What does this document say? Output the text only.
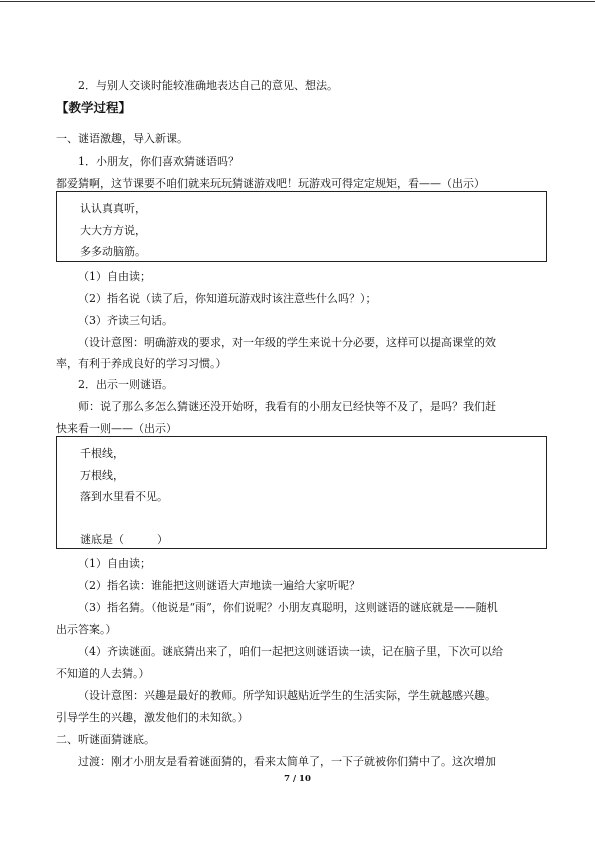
2．与别人交谈时能较准确地表达自己的意见、想法。
【教学过程】
一、谜语激趣，导入新课。
1．小朋友，你们喜欢猜谜语吗？
都爱猜啊，这节课要不咱们就来玩玩猜谜游戏吧！玩游戏可得定定规矩，看——（出示）
认认真真听，
大大方方说，
多多动脑筋。
（1）自由读；
（2）指名说（读了后，你知道玩游戏时该注意些什么吗？）；
（3）齐读三句话。
（设计意图：明确游戏的要求，对一年级的学生来说十分必要，这样可以提高课堂的效
率，有利于养成良好的学习习惯。）
2．出示一则谜语。
师：说了那么多怎么猜谜还没开始呀，我看有的小朋友已经快等不及了，是吗？我们赶
快来看一则——（出示）
千根线，
万根线，
落到水里看不见。
谜底是（　　　）
（1）自由读；
（2）指名读：谁能把这则谜语大声地读一遍给大家听呢？
（3）指名猜。（他说是“雨”，你们说呢？小朋友真聪明，这则谜语的谜底就是——随机
出示答案。）
（4）齐读谜面。谜底猜出来了，咱们一起把这则谜语读一读，记在脑子里，下次可以给
不知道的人去猜。）
（设计意图：兴趣是最好的教师。所学知识越贴近学生的生活实际，学生就越感兴趣。
引导学生的兴趣，激发他们的未知欲。）
二、听谜面猜谜底。
过渡：刚才小朋友是看着谜面猜的，看来太简单了，一下子就被你们猜中了。这次增加
7 / 10
